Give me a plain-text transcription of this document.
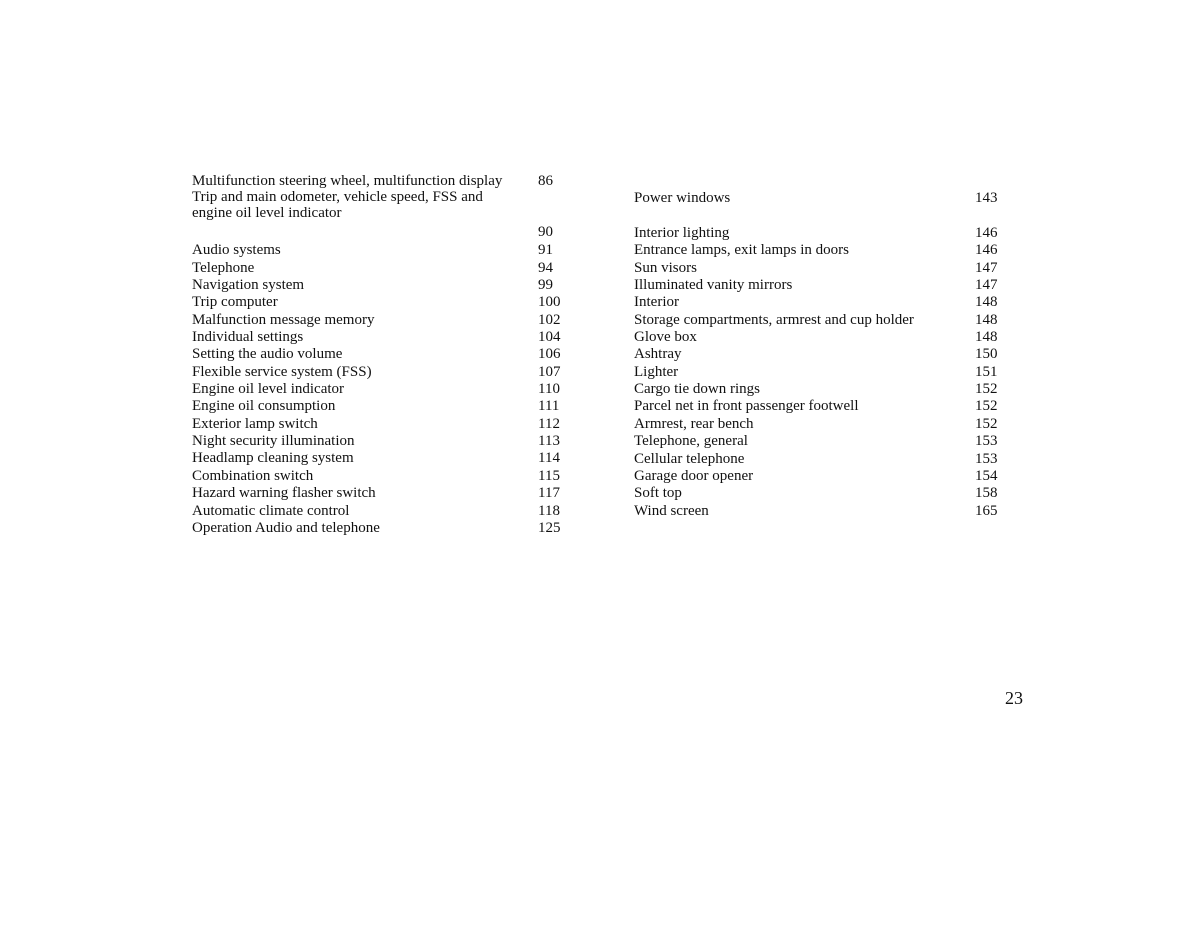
Multifunction steering wheel, multifunction display 86
Trip and main odometer, vehicle speed, FSS and engine oil level indicator
90
Audio systems	91
Telephone	94
Navigation system	99
Trip computer	100
Malfunction message memory	102
Individual settings	104
Setting the audio volume	106
Flexible service system (FSS)	107
Engine oil level indicator	110
Engine oil consumption	111
Exterior lamp switch	112
Night security illumination	113
Headlamp cleaning system	114
Combination switch	115
Hazard warning flasher switch	117
Automatic climate control	118
Operation Audio and telephone	125
Power windows	143
Interior lighting	146
Entrance lamps, exit lamps in doors	146
Sun visors	147
Illuminated vanity mirrors	147
Interior	148
Storage compartments, armrest and cup holder	148
Glove box	148
Ashtray	150
Lighter	151
Cargo tie down rings	152
Parcel net in front passenger footwell	152
Armrest, rear bench	152
Telephone, general	153
Cellular telephone	153
Garage door opener	154
Soft top	158
Wind screen	165
23
